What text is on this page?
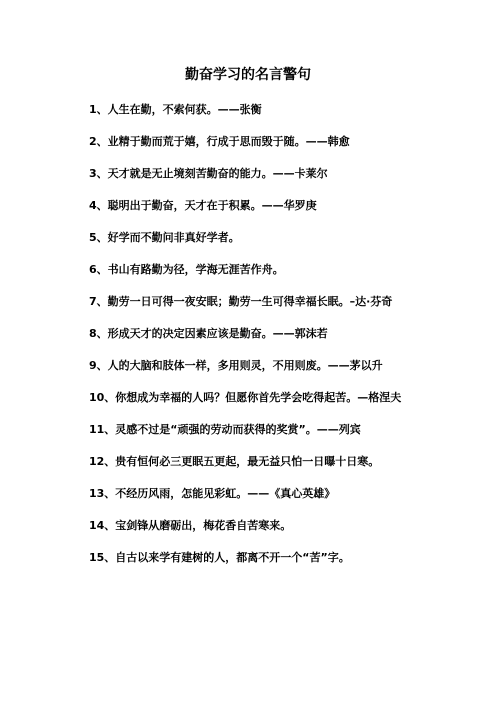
勤奋学习的名言警句
1、人生在勤，不索何获。——张衡
2、业精于勤而荒于嬉，行成于思而毁于随。——韩愈
3、天才就是无止境刻苦勤奋的能力。——卡莱尔
4、聪明出于勤奋，天才在于积累。——华罗庚
5、好学而不勤问非真好学者。
6、书山有路勤为径，学海无涯苦作舟。
7、勤劳一日可得一夜安眠；勤劳一生可得幸福长眠。–达·芬奇
8、形成天才的决定因素应该是勤奋。——郭沫若
9、人的大脑和肢体一样，多用则灵，不用则废。——茅以升
10、你想成为幸福的人吗？但愿你首先学会吃得起苦。—格涅夫
11、灵感不过是“顽强的劳动而获得的奖赏”。——列宾
12、贵有恒何必三更眠五更起，最无益只怕一日曝十日寒。
13、不经历风雨，怎能见彩虹。——《真心英雄》
14、宝剑锋从磨砺出，梅花香自苦寒来。
15、自古以来学有建树的人，都离不开一个“苦”字。
